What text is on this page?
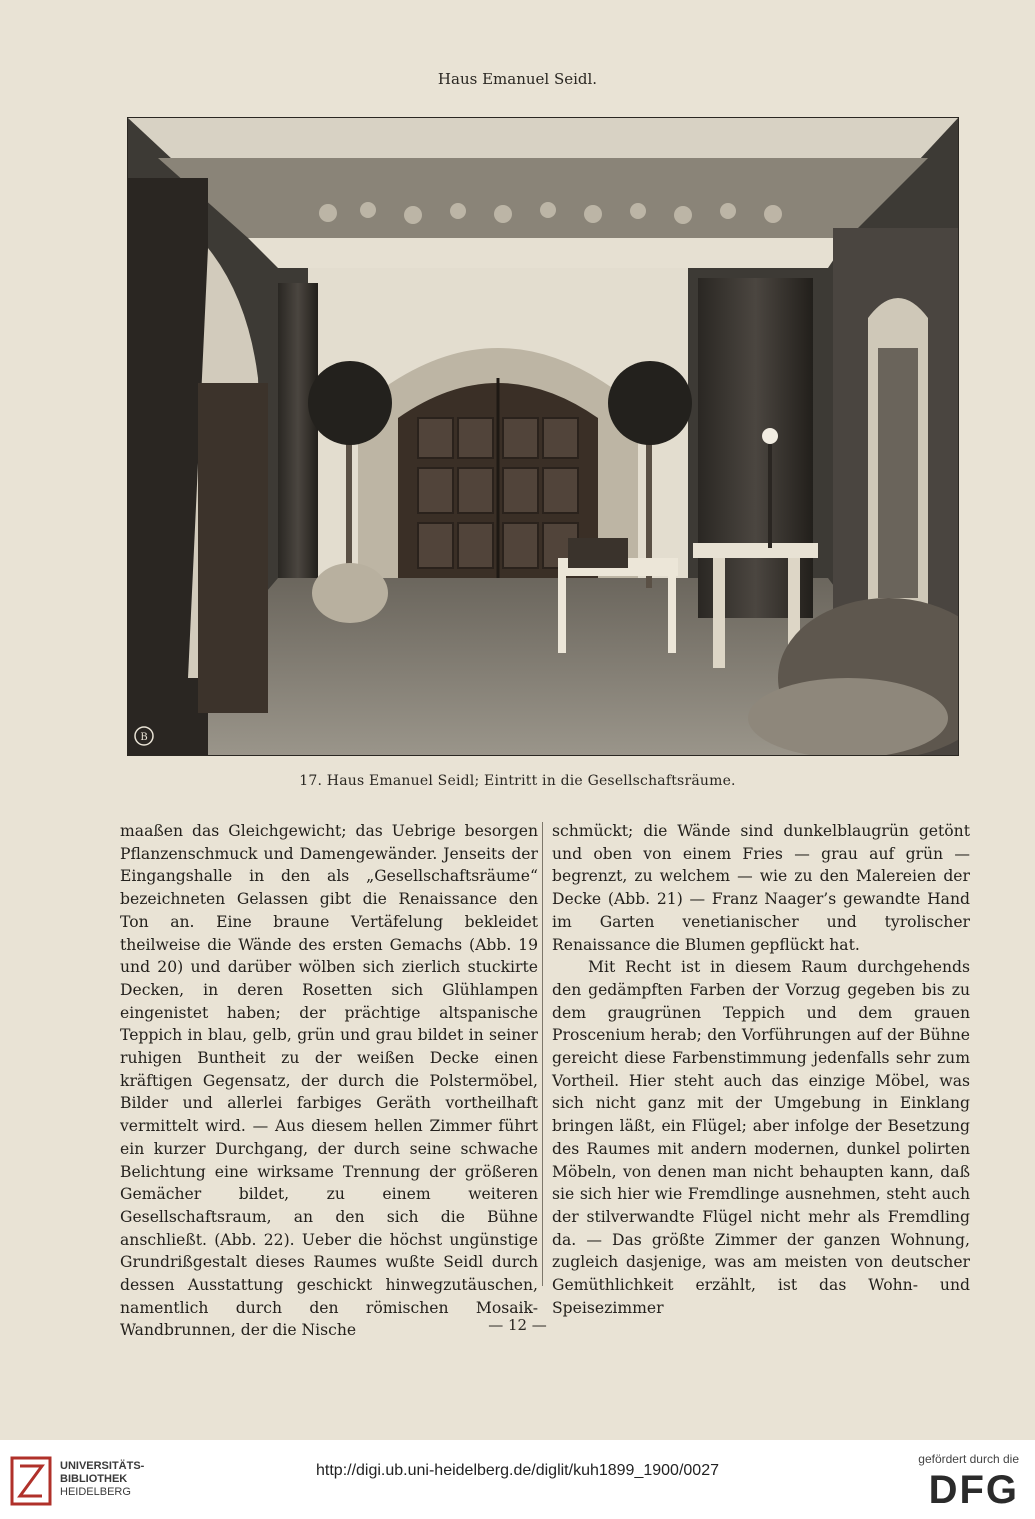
Haus Emanuel Seidl.
B
17. Haus Emanuel Seidl; Eintritt in die Gesellschaftsräume.

maaßen das Gleichgewicht; das Uebrige besorgen Pflanzenschmuck und Damengewänder. Jenseits der Eingangshalle in den als „Gesellschaftsräume“ bezeichneten Gelassen gibt die Renaissance den Ton an. Eine braune Vertäfelung bekleidet theilweise die Wände des ersten Gemachs (Abb. 19 und 20) und darüber wölben sich zierlich stuckirte Decken, in deren Rosetten sich Glühlampen eingenistet haben; der prächtige altspanische Teppich in blau, gelb, grün und grau bildet in seiner ruhigen Buntheit zu der weißen Decke einen kräftigen Gegensatz, der durch die Polstermöbel, Bilder und allerlei farbiges Geräth vortheilhaft vermittelt wird. — Aus diesem hellen Zimmer führt ein kurzer Durchgang, der durch seine schwache Belichtung eine wirksame Trennung der größeren Gemächer bildet, zu einem weiteren Gesellschaftsraum, an den sich die Bühne anschließt. (Abb. 22). Ueber die höchst ungünstige Grundrißgestalt dieses Raumes wußte Seidl durch dessen Ausstattung geschickt hinwegzutäuschen, namentlich durch den römischen Mosaik-Wandbrunnen, der die Nische

schmückt; die Wände sind dunkelblaugrün getönt und oben von einem Fries — grau auf grün — begrenzt, zu welchem — wie zu den Malereien der Decke (Abb. 21) — Franz Naager’s gewandte Hand im Garten venetianischer und tyrolischer Renaissance die Blumen gepflückt hat.

Mit Recht ist in diesem Raum durchgehends den gedämpften Farben der Vorzug gegeben bis zu dem graugrünen Teppich und dem grauen Proscenium herab; den Vorführungen auf der Bühne gereicht diese Farbenstimmung jedenfalls sehr zum Vortheil. Hier steht auch das einzige Möbel, was sich nicht ganz mit der Umgebung in Einklang bringen läßt, ein Flügel; aber infolge der Besetzung des Raumes mit andern modernen, dunkel polirten Möbeln, von denen man nicht behaupten kann, daß sie sich hier wie Fremdlinge ausnehmen, steht auch der stilverwandte Flügel nicht mehr als Fremdling da. — Das größte Zimmer der ganzen Wohnung, zugleich dasjenige, was am meisten von deutscher Gemüthlichkeit erzählt, ist das Wohn- und Speisezimmer

— 12 —
UNIVERSITÄTS-
BIBLIOTHEK
HEIDELBERG
http://digi.ub.uni-heidelberg.de/diglit/kuh1899_1900/0027
gefördert durch die
DFG
